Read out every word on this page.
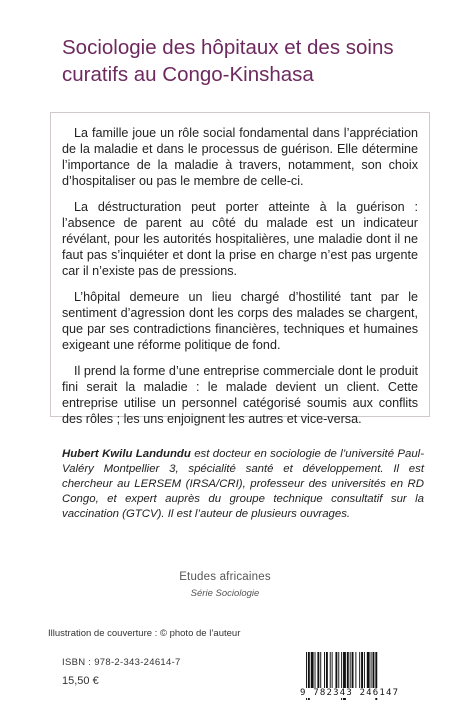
Sociologie des hôpitaux et des soins curatifs au Congo-Kinshasa

La famille joue un rôle social fondamental dans l’appréciation de la maladie et dans le processus de guérison. Elle détermine l’importance de la maladie à travers, notamment, son choix d’hospitaliser ou pas le membre de celle-ci.

La déstructuration peut porter atteinte à la guérison : l’absence de parent au côté du malade est un indicateur révélant, pour les autorités hospitalières, une maladie dont il ne faut pas s’inquiéter et dont la prise en charge n’est pas urgente car il n’existe pas de pressions.

L’hôpital demeure un lieu chargé d’hostilité tant par le sentiment d’agression dont les corps des malades se chargent, que par ses contradictions financières, techniques et humaines exigeant une réforme politique de fond.

Il prend la forme d’une entreprise commerciale dont le produit fini serait la maladie : le malade devient un client. Cette entreprise utilise un personnel catégorisé soumis aux conflits des rôles ; les uns enjoignent les autres et vice-versa.

Hubert Kwilu Landundu est docteur en sociologie de l’université Paul-Valéry Montpellier 3, spécialité santé et développement. Il est chercheur au LERSEM (IRSA/CRI), professeur des universités en RD Congo, et expert auprès du groupe technique consultatif sur la vaccination (GTCV). Il est l’auteur de plusieurs ouvrages.

Etudes africaines
Série Sociologie
Illustration de couverture : © photo de l’auteur
ISBN : 978-2-343-24614-7
15,50 €
9 782343 246147
